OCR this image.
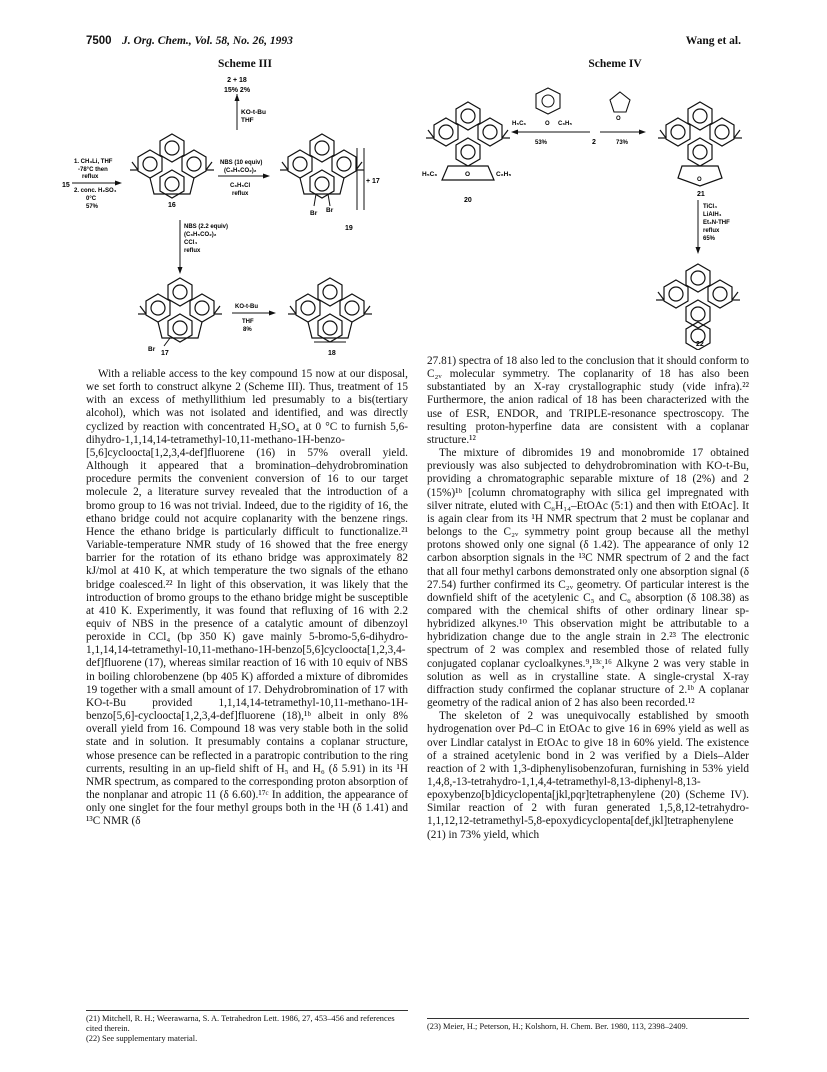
7500 J. Org. Chem., Vol. 58, No. 26, 1993	Wang et al.
Scheme III	Scheme IV
2 + 18
15% 2%
KO-t-Bu
THF
15
1. CH₃Li, THF
-78°C then
reflux
2. conc. H₂SO₄
0°C
57%	16
NBS (10 equiv)
(C₆H₅CO₂)₂
C₆H₅Cl
reflux
+ 17
Br Br
19
NBS (2.2 equiv)
(C₆H₅CO₂)₂
CCl₄
reflux
Br
17
KO-t-Bu
THF
8%
18
H₅C₆	C₆H₅
O
20
H₅C₆	O C₆H₅
53%	2
O
73%
O
21
TiCl₄
LiAlH₄
Et₃N-THF
reflux
65%
22

With a reliable access to the key compound 15 now at our disposal, we set forth to construct alkyne 2 (Scheme III). Thus, treatment of 15 with an excess of methyllithium led presumably to a bis(tertiary alcohol), which was not isolated and identified, and was directly cyclized by reaction with concentrated H₂SO₄ at 0 °C to furnish 5,6-dihydro-1,1,14,14-tetramethyl-10,11-methano-1H-benzo-[5,6]cycloocta[1,2,3,4-def]fluorene (16) in 57% overall yield. Although it appeared that a bromination–dehydrobromination procedure permits the convenient conversion of 16 to our target molecule 2, a literature survey revealed that the introduction of a bromo group to 16 was not trivial. Indeed, due to the rigidity of 16, the ethano bridge could not acquire coplanarity with the benzene rings. Hence the ethano bridge is particularly difficult to functionalize.²¹ Variable-temperature NMR study of 16 showed that the free energy barrier for the rotation of its ethano bridge was approximately 82 kJ/mol at 410 K, at which temperature the two signals of the ethano bridge coalesced.²² In light of this observation, it was likely that the introduction of bromo groups to the ethano bridge might be susceptible at 410 K. Experimently, it was found that refluxing of 16 with 2.2 equiv of NBS in the presence of a catalytic amount of dibenzoyl peroxide in CCl₄ (bp 350 K) gave mainly 5-bromo-5,6-dihydro-1,1,14,14-tetramethyl-10,11-methano-1H-benzo[5,6]cycloocta[1,2,3,4-def]fluorene (17), whereas similar reaction of 16 with 10 equiv of NBS in boiling chlorobenzene (bp 405 K) afforded a mixture of dibromides 19 together with a small amount of 17. Dehydrobromination of 17 with KO-t-Bu provided 1,1,14,14-tetramethyl-10,11-methano-1H-benzo[5,6]-cycloocta[1,2,3,4-def]fluorene (18),¹ᵇ albeit in only 8% overall yield from 16. Compound 18 was very stable both in the solid state and in solution. It presumably contains a coplanar structure, whose presence can be reflected in a paratropic contribution to the ring currents, resulting in an up-field shift of H₅ and H₆ (δ 5.91) in its ¹H NMR spectrum, as compared to the corresponding proton absorption of the nonplanar and atropic 11 (δ 6.60).¹⁷ᶜ In addition, the appearance of only one singlet for the four methyl groups both in the ¹H (δ 1.41) and ¹³C NMR (δ

27.81) spectra of 18 also led to the conclusion that it should conform to C₂ᵥ molecular symmetry. The coplanarity of 18 has also been substantiated by an X-ray crystallographic study (vide infra).²² Furthermore, the anion radical of 18 has been characterized with the use of ESR, ENDOR, and TRIPLE-resonance spectroscopy. The resulting proton-hyperfine data are consistent with a coplanar structure.¹²

The mixture of dibromides 19 and monobromide 17 obtained previously was also subjected to dehydrobromination with KO-t-Bu, providing a chromatographic separable mixture of 18 (2%) and 2 (15%)¹ᵇ [column chromatography with silica gel impregnated with silver nitrate, eluted with C₆H₁₄–EtOAc (5:1) and then with EtOAc]. It is again clear from its ¹H NMR spectrum that 2 must be coplanar and belongs to the C₂ᵥ symmetry point group because all the methyl protons showed only one signal (δ 1.42). The appearance of only 12 carbon absorption signals in the ¹³C NMR spectrum of 2 and the fact that all four methyl carbons demonstrated only one absorption signal (δ 27.54) further confirmed its C₂ᵥ geometry. Of particular interest is the downfield shift of the acetylenic C₅ and C₆ absorption (δ 108.38) as compared with the chemical shifts of other ordinary linear sp-hybridized alkynes.¹⁰ This observation might be attributable to a hybridization change due to the angle strain in 2.²³ The electronic spectrum of 2 was complex and resembled those of related fully conjugated coplanar cycloalkynes.⁹,¹³ᶜ,¹⁶ Alkyne 2 was very stable in solution as well as in crystalline state. A single-crystal X-ray diffraction study confirmed the coplanar structure of 2.¹ᵇ A coplanar geometry of the radical anion of 2 has also been recorded.¹²

The skeleton of 2 was unequivocally established by smooth hydrogenation over Pd–C in EtOAc to give 16 in 69% yield as well as over Lindlar catalyst in EtOAc to give 18 in 60% yield. The existence of a strained acetylenic bond in 2 was verified by a Diels–Alder reaction of 2 with 1,3-diphenylisobenzofuran, furnishing in 53% yield 1,4,8,-13-tetrahydro-1,1,4,4-tetramethyl-8,13-diphenyl-8,13-epoxybenzo[b]dicyclopenta[jkl,pqr]tetraphenylene (20) (Scheme IV). Similar reaction of 2 with furan generated 1,5,8,12-tetrahydro-1,1,12,12-tetramethyl-5,8-epoxydicyclopenta[def,jkl]tetraphenylene (21) in 73% yield, which

(21) Mitchell, R. H.; Weerawarna, S. A. Tetrahedron Lett. 1986, 27, 453–456 and references cited therein.
(22) See supplementary material.
(23) Meier, H.; Peterson, H.; Kolshorn, H. Chem. Ber. 1980, 113, 2398–2409.
